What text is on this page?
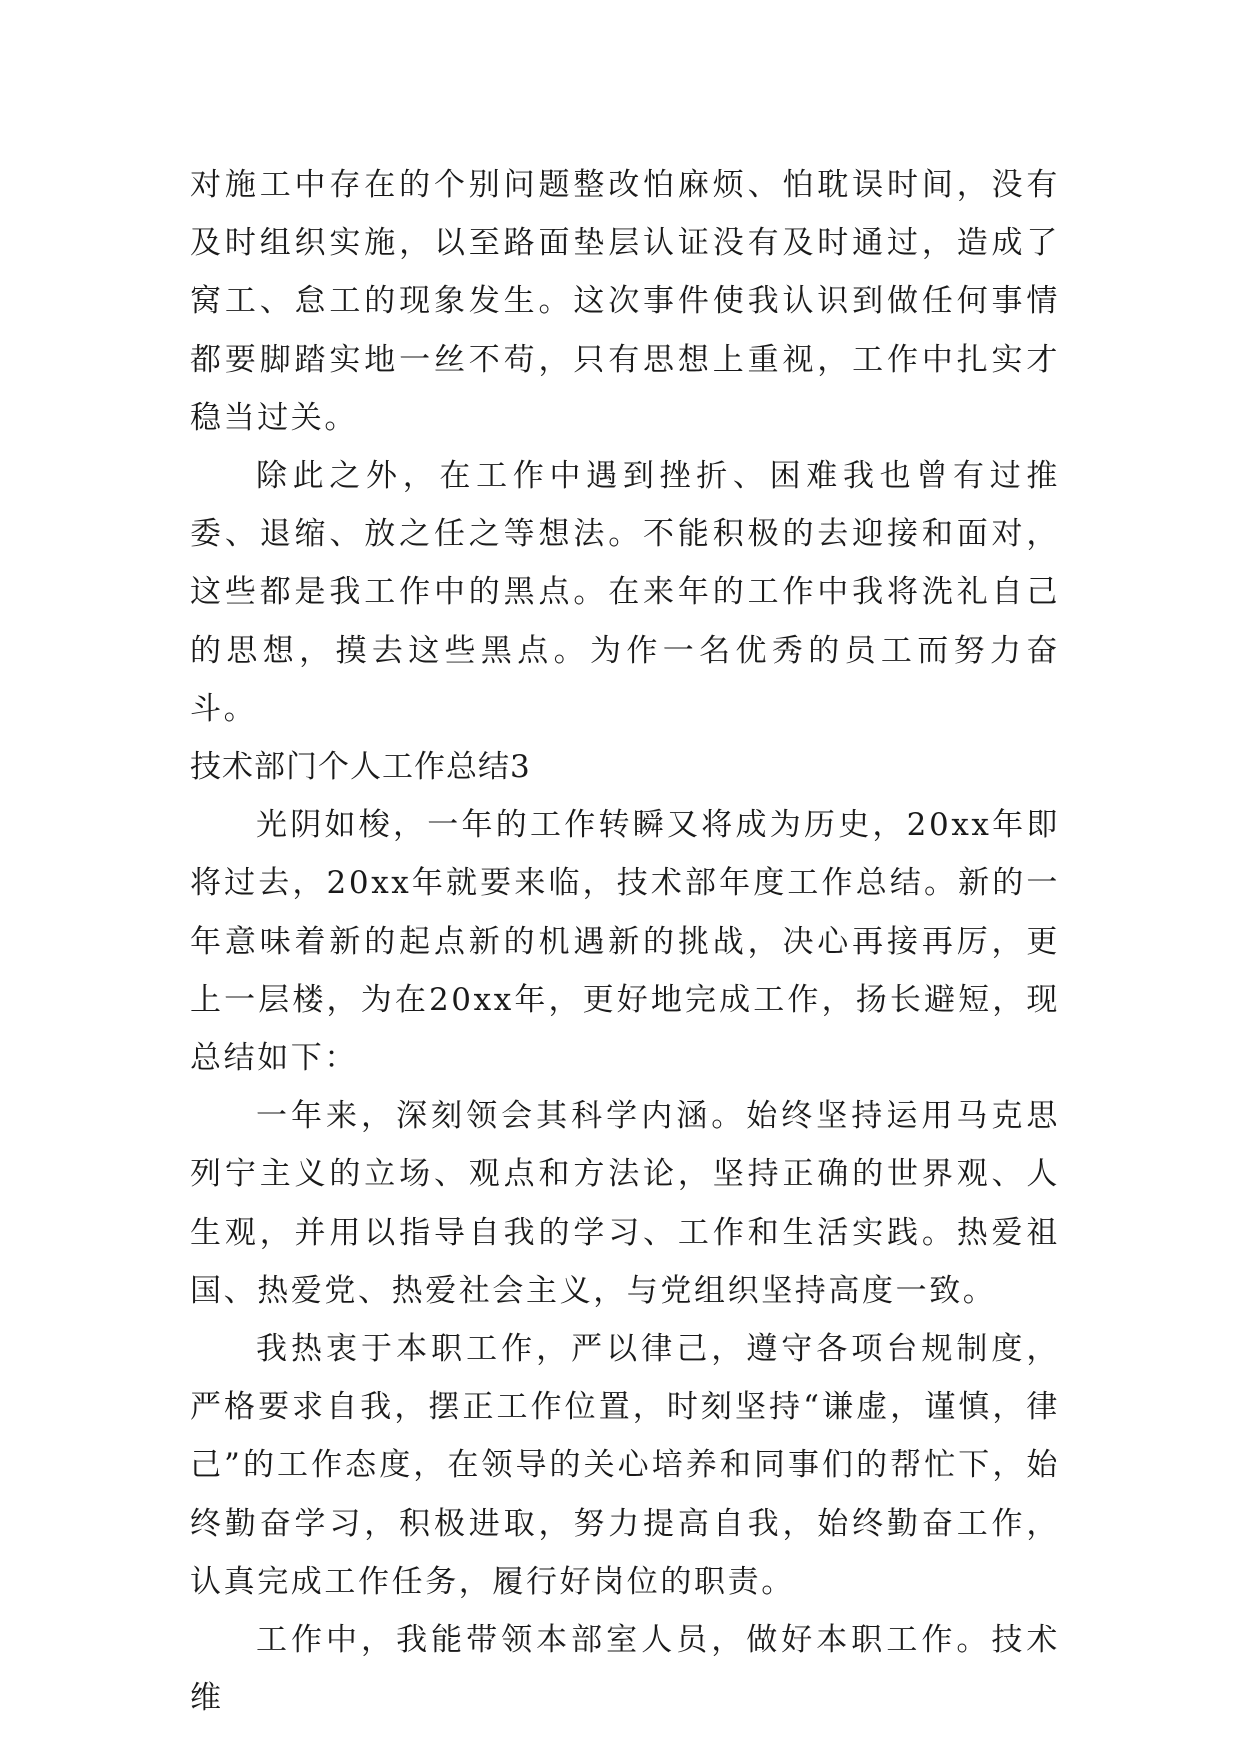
对施工中存在的个别问题整改怕麻烦、怕耽误时间，没有及时组织实施，以至路面垫层认证没有及时通过，造成了窝工、怠工的现象发生。这次事件使我认识到做任何事情都要脚踏实地一丝不苟，只有思想上重视，工作中扎实才稳当过关。

除此之外，在工作中遇到挫折、困难我也曾有过推委、退缩、放之任之等想法。不能积极的去迎接和面对，这些都是我工作中的黑点。在来年的工作中我将洗礼自己的思想，摸去这些黑点。为作一名优秀的员工而努力奋斗。

技术部门个人工作总结3

光阴如梭，一年的工作转瞬又将成为历史，20xx年即将过去，20xx年就要来临，技术部年度工作总结。新的一年意味着新的起点新的机遇新的挑战，决心再接再厉，更上一层楼，为在20xx年，更好地完成工作，扬长避短，现总结如下：

一年来，深刻领会其科学内涵。始终坚持运用马克思列宁主义的立场、观点和方法论，坚持正确的世界观、人生观，并用以指导自我的学习、工作和生活实践。热爱祖国、热爱党、热爱社会主义，与党组织坚持高度一致。

我热衷于本职工作，严以律己，遵守各项台规制度，严格要求自我，摆正工作位置，时刻坚持“谦虚，谨慎，律己”的工作态度，在领导的关心培养和同事们的帮忙下，始终勤奋学习，积极进取，努力提高自我，始终勤奋工作，认真完成工作任务，履行好岗位的职责。

工作中，我能带领本部室人员，做好本职工作。技术维
